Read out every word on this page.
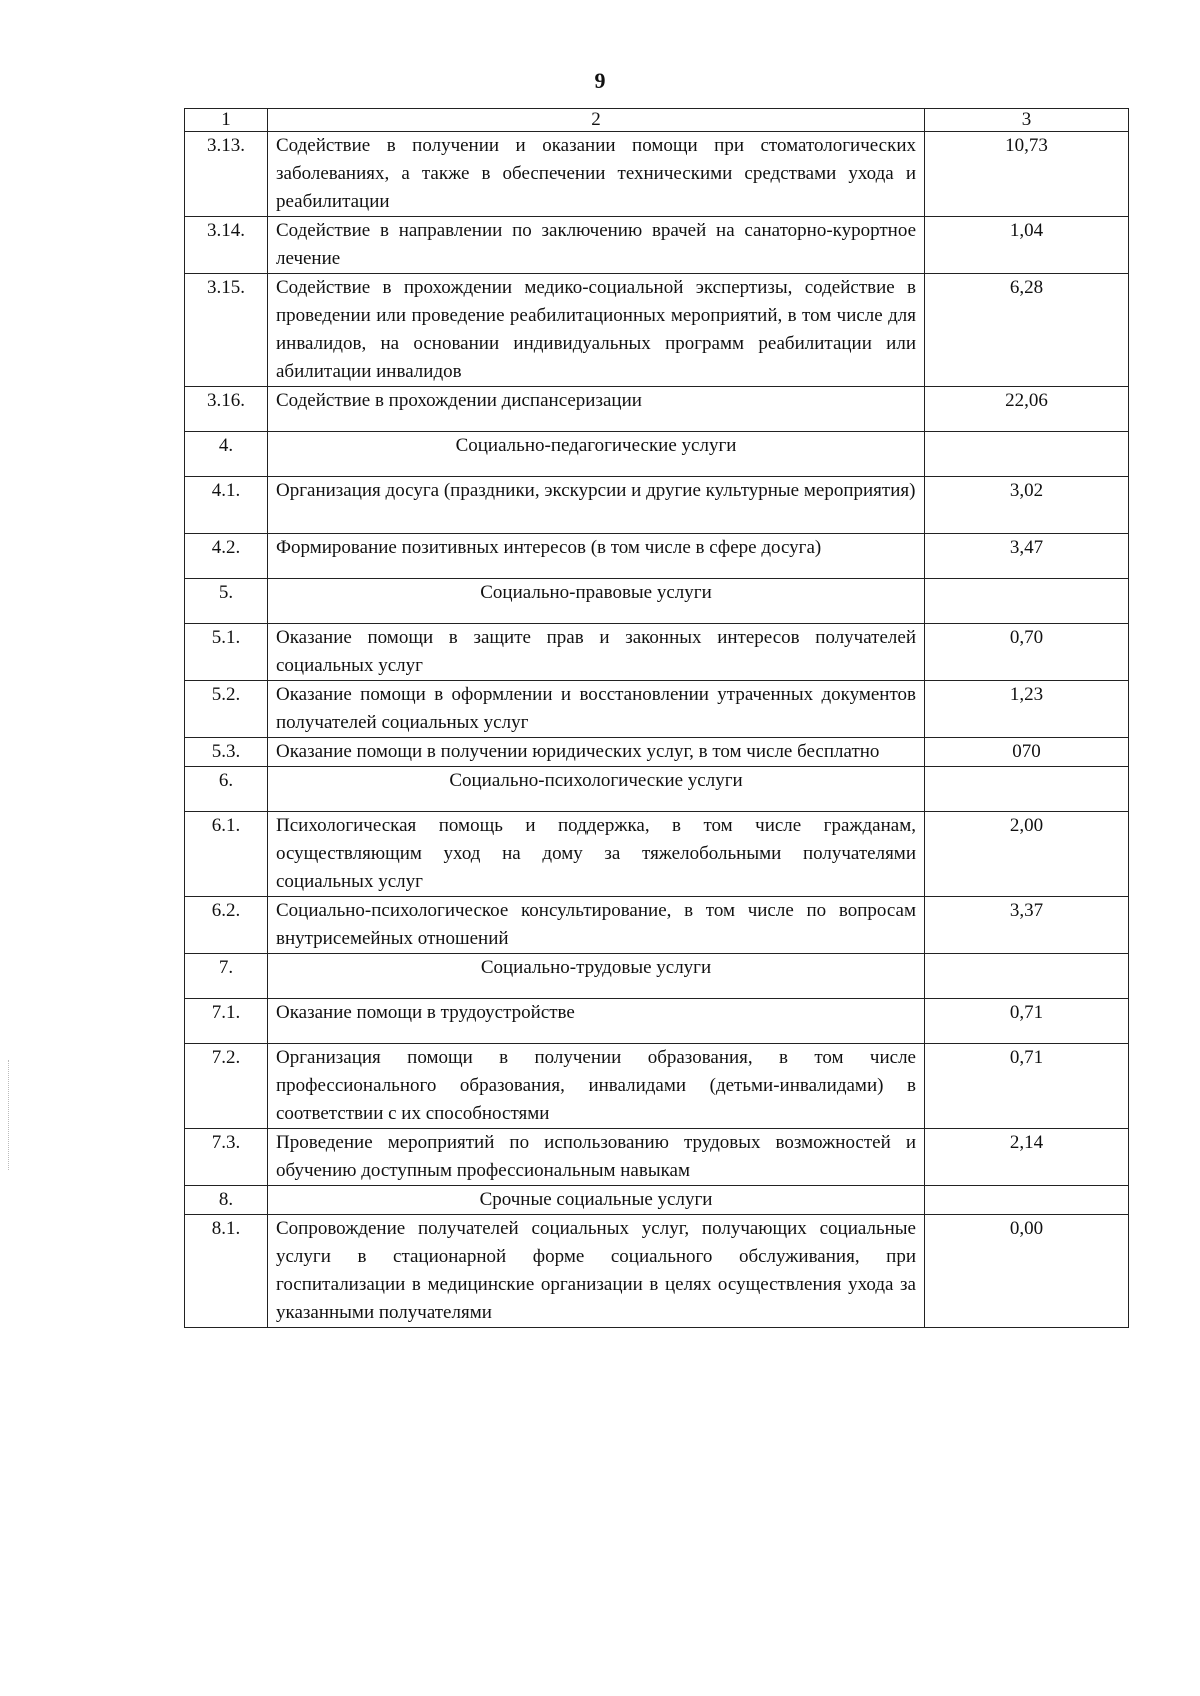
9
1	2	3
3.13.	Содействие в получении и оказании помощи при стоматологических заболеваниях, а также в обеспечении техническими средствами ухода и реабилитации	10,73
3.14.	Содействие в направлении по заключению врачей на санаторно-курортное лечение	1,04
3.15.	Содействие в прохождении медико-социальной экспертизы, содействие в проведении или проведение реабилитационных мероприятий, в том числе для инвалидов, на основании индивидуальных программ реабилитации или абилитации инвалидов	6,28
3.16.	Содействие в прохождении диспансеризации	22,06
4.	Социально-педагогические услуги	
4.1.	Организация досуга (праздники, экскурсии и другие культурные мероприятия)	3,02
4.2.	Формирование позитивных интересов (в том числе в сфере досуга)	3,47
5.	Социально-правовые услуги	
5.1.	Оказание помощи в защите прав и законных интересов получателей социальных услуг	0,70
5.2.	Оказание помощи в оформлении и восстановлении утраченных документов получателей социальных услуг	1,23
5.3.	Оказание помощи в получении юридических услуг, в том числе бесплатно	070
6.	Социально-психологические услуги	
6.1.	Психологическая помощь и поддержка, в том числе гражданам, осуществляющим уход на дому за тяжелобольными получателями социальных услуг	2,00
6.2.	Социально-психологическое консультирование, в том числе по вопросам внутрисемейных отношений	3,37
7.	Социально-трудовые услуги	
7.1.	Оказание помощи в трудоустройстве	0,71
7.2.	Организация помощи в получении образования, в том числе профессионального образования, инвалидами (детьми-инвалидами) в соответствии с их способностями	0,71
7.3.	Проведение мероприятий по использованию трудовых возможностей и обучению доступным профессиональным навыкам	2,14
8.	Срочные социальные услуги	
8.1.	Сопровождение получателей социальных услуг, получающих социальные услуги в стационарной форме социального обслуживания, при госпитализации в медицинские организации в целях осуществления ухода за указанными получателями	0,00
